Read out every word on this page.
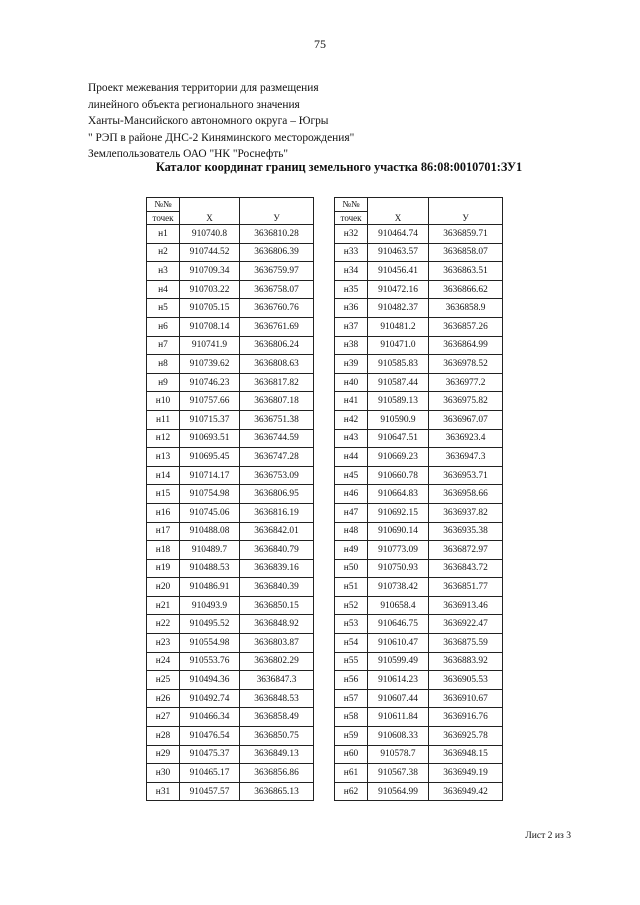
75
Проект межевания территории для размещения
линейного объекта регионального значения
Ханты-Мансийского автономного округа – Югры
" РЭП в районе ДНС-2 Киняминского месторождения"
Землепользователь ОАО "НК "Роснефть"
Каталог координат границ земельного участка 86:08:0010701:ЗУ1
№№		
точек	Х	У
н1	910740.8	3636810.28
н2	910744.52	3636806.39
н3	910709.34	3636759.97
н4	910703.22	3636758.07
н5	910705.15	3636760.76
н6	910708.14	3636761.69
н7	910741.9	3636806.24
н8	910739.62	3636808.63
н9	910746.23	3636817.82
н10	910757.66	3636807.18
н11	910715.37	3636751.38
н12	910693.51	3636744.59
н13	910695.45	3636747.28
н14	910714.17	3636753.09
н15	910754.98	3636806.95
н16	910745.06	3636816.19
н17	910488.08	3636842.01
н18	910489.7	3636840.79
н19	910488.53	3636839.16
н20	910486.91	3636840.39
н21	910493.9	3636850.15
н22	910495.52	3636848.92
н23	910554.98	3636803.87
н24	910553.76	3636802.29
н25	910494.36	3636847.3
н26	910492.74	3636848.53
н27	910466.34	3636858.49
н28	910476.54	3636850.75
н29	910475.37	3636849.13
н30	910465.17	3636856.86
н31	910457.57	3636865.13
№№		
точек	Х	У
н32	910464.74	3636859.71
н33	910463.57	3636858.07
н34	910456.41	3636863.51
н35	910472.16	3636866.62
н36	910482.37	3636858.9
н37	910481.2	3636857.26
н38	910471.0	3636864.99
н39	910585.83	3636978.52
н40	910587.44	3636977.2
н41	910589.13	3636975.82
н42	910590.9	3636967.07
н43	910647.51	3636923.4
н44	910669.23	3636947.3
н45	910660.78	3636953.71
н46	910664.83	3636958.66
н47	910692.15	3636937.82
н48	910690.14	3636935.38
н49	910773.09	3636872.97
н50	910750.93	3636843.72
н51	910738.42	3636851.77
н52	910658.4	3636913.46
н53	910646.75	3636922.47
н54	910610.47	3636875.59
н55	910599.49	3636883.92
н56	910614.23	3636905.53
н57	910607.44	3636910.67
н58	910611.84	3636916.76
н59	910608.33	3636925.78
н60	910578.7	3636948.15
н61	910567.38	3636949.19
н62	910564.99	3636949.42
Лист 2 из 3
